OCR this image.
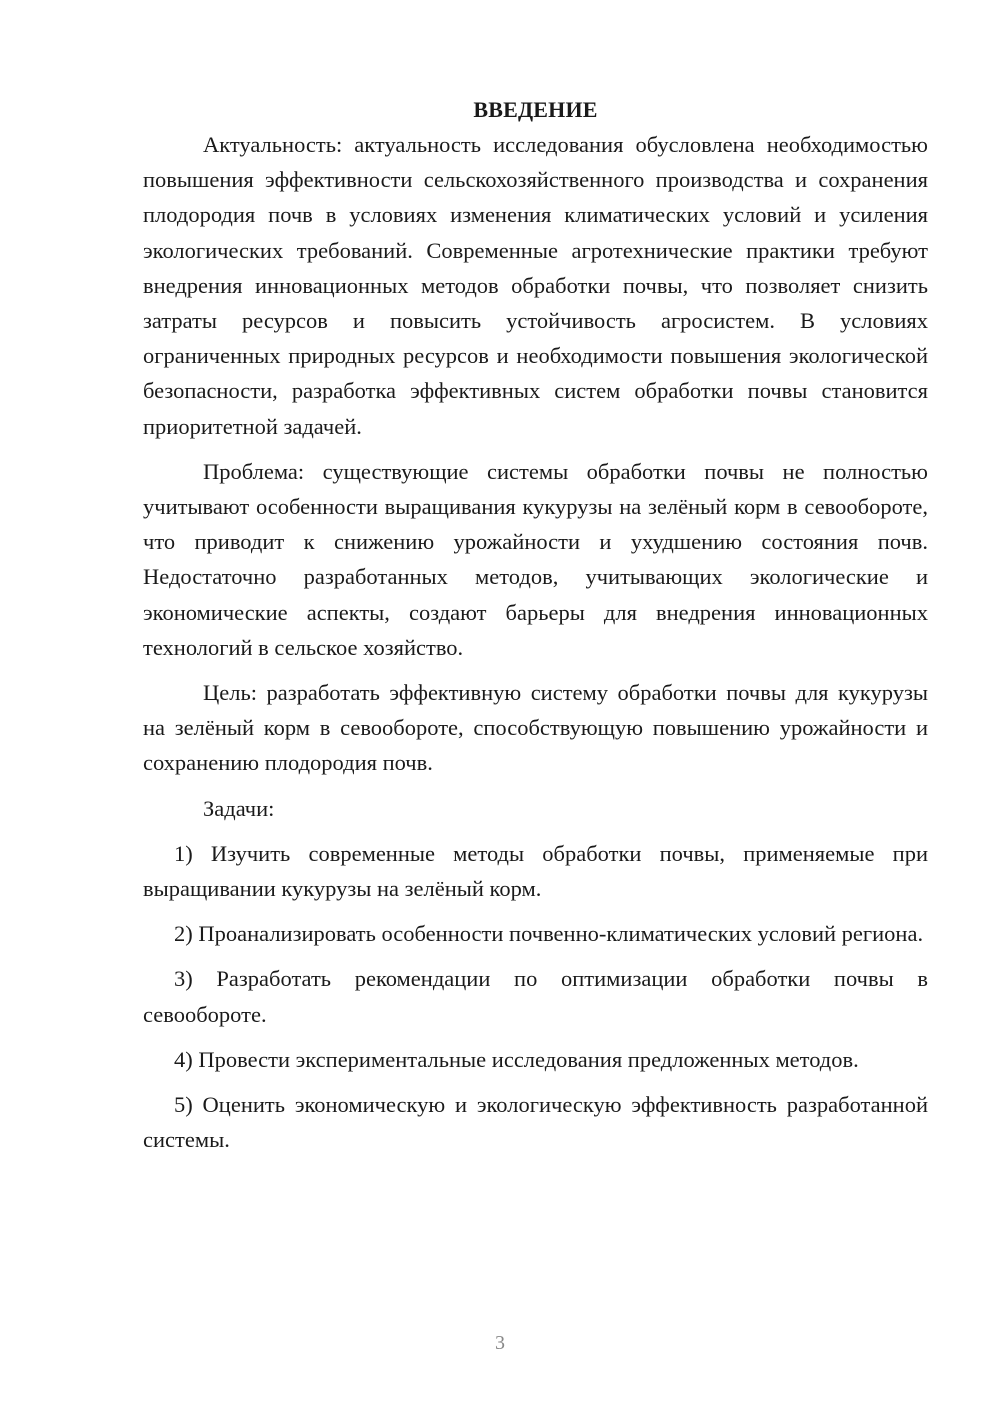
ВВЕДЕНИЕ

Актуальность: актуальность исследования обусловлена необходимостью повышения эффективности сельскохозяйственного производства и сохранения плодородия почв в условиях изменения климатических условий и усиления экологических требований. Современные агротехнические практики требуют внедрения инновационных методов обработки почвы, что позволяет снизить затраты ресурсов и повысить устойчивость агросистем. В условиях ограниченных природных ресурсов и необходимости повышения экологической безопасности, разработка эффективных систем обработки почвы становится приоритетной задачей.

Проблема: существующие системы обработки почвы не полностью учитывают особенности выращивания кукурузы на зелёный корм в севообороте, что приводит к снижению урожайности и ухудшению состояния почв. Недостаточно разработанных методов, учитывающих экологические и экономические аспекты, создают барьеры для внедрения инновационных технологий в сельское хозяйство.

Цель: разработать эффективную систему обработки почвы для кукурузы на зелёный корм в севообороте, способствующую повышению урожайности и сохранению плодородия почв.

Задачи:

1) Изучить современные методы обработки почвы, применяемые при выращивании кукурузы на зелёный корм.

2) Проанализировать особенности почвенно-климатических условий региона.

3) Разработать рекомендации по оптимизации обработки почвы в севообороте.

4) Провести экспериментальные исследования предложенных методов.

5) Оценить экономическую и экологическую эффективность разработанной системы.

3
